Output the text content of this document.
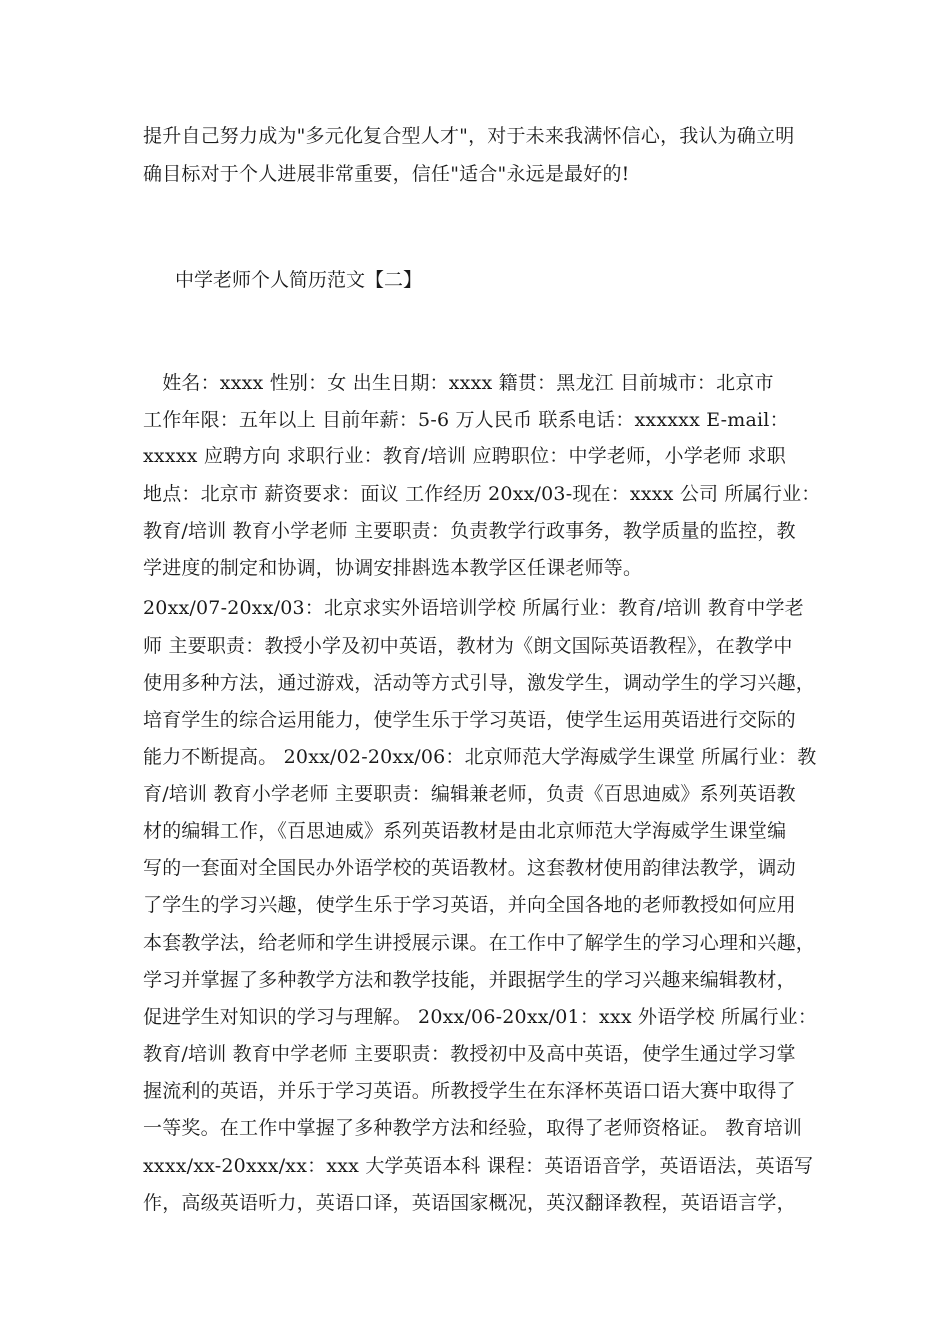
提升自己努力成为"多元化复合型人才"，对于未来我满怀信心，我认为确立明
确目标对于个人进展非常重要，信任"适合"永远是最好的!
中学老师个人简历范文【二】
　姓名：xxxx 性别：女 出生日期：xxxx 籍贯：黑龙江 目前城市：北京市
工作年限：五年以上 目前年薪：5-6 万人民币 联系电话：xxxxxx E-mail：
xxxxx 应聘方向 求职行业：教育/培训 应聘职位：中学老师，小学老师 求职
地点：北京市 薪资要求：面议 工作经历 20xx/03-现在：xxxx 公司 所属行业：
教育/培训 教育小学老师 主要职责：负责教学行政事务，教学质量的监控，教
学进度的制定和协调，协调安排斟选本教学区任课老师等。
20xx/07-20xx/03：北京求实外语培训学校 所属行业：教育/培训 教育中学老
师 主要职责：教授小学及初中英语，教材为《朗文国际英语教程》，在教学中
使用多种方法，通过游戏，活动等方式引导，激发学生，调动学生的学习兴趣，
培育学生的综合运用能力，使学生乐于学习英语，使学生运用英语进行交际的
能力不断提高。 20xx/02-20xx/06：北京师范大学海威学生课堂 所属行业：教
育/培训 教育小学老师 主要职责：编辑兼老师，负责《百思迪威》系列英语教
材的编辑工作，《百思迪威》系列英语教材是由北京师范大学海威学生课堂编
写的一套面对全国民办外语学校的英语教材。这套教材使用韵律法教学，调动
了学生的学习兴趣，使学生乐于学习英语，并向全国各地的老师教授如何应用
本套教学法，给老师和学生讲授展示课。在工作中了解学生的学习心理和兴趣，
学习并掌握了多种教学方法和教学技能，并跟据学生的学习兴趣来编辑教材，
促进学生对知识的学习与理解。 20xx/06-20xx/01：xxx 外语学校 所属行业：
教育/培训 教育中学老师 主要职责：教授初中及高中英语，使学生通过学习掌
握流利的英语，并乐于学习英语。所教授学生在东泽杯英语口语大赛中取得了
一等奖。在工作中掌握了多种教学方法和经验，取得了老师资格证。 教育培训
xxxx/xx-20xxx/xx：xxx 大学英语本科 课程：英语语音学，英语语法，英语写
作，高级英语听力，英语口译，英语国家概况，英汉翻译教程，英语语言学，
